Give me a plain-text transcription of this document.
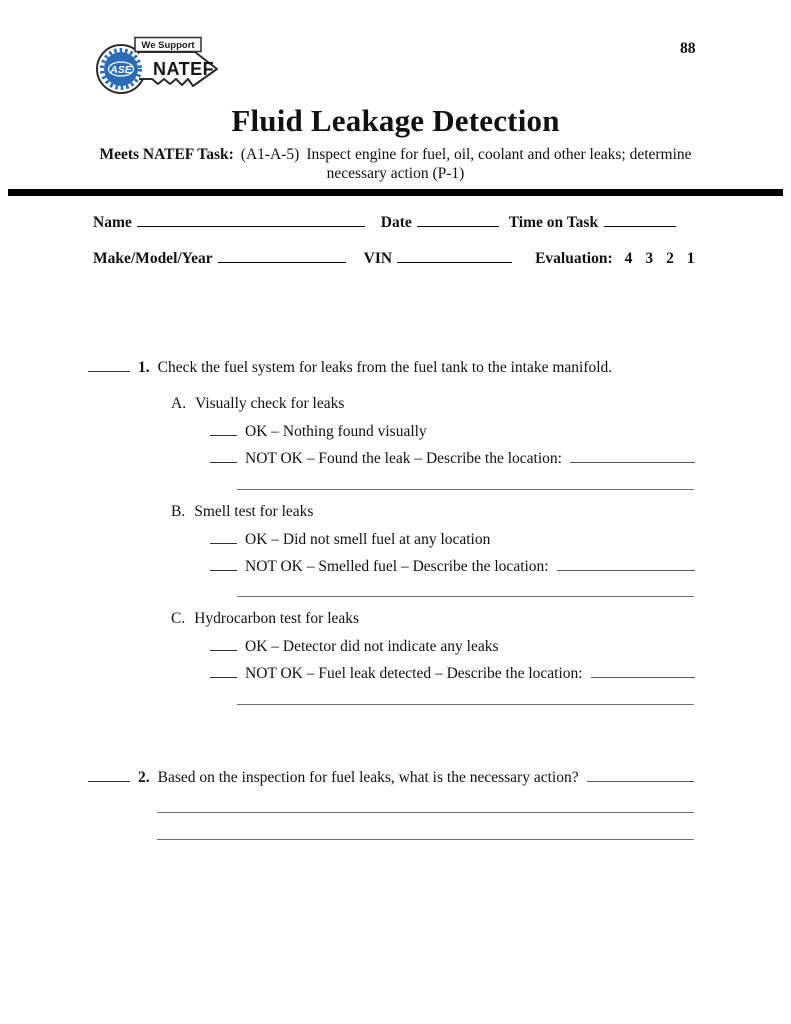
We Support
ASE NATEF
88
Fluid Leakage Detection
Meets NATEF Task: (A1-A-5) Inspect engine for fuel, oil, coolant and other leaks; determine
necessary action (P-1)
Name	Date	Time on Task
Make/Model/Year	VIN	Evaluation: 4 3 2 1
1. Check the fuel system for leaks from the fuel tank to the intake manifold.
A. Visually check for leaks
OK – Nothing found visually
NOT OK – Found the leak – Describe the location:
B. Smell test for leaks
OK – Did not smell fuel at any location
NOT OK – Smelled fuel – Describe the location:
C. Hydrocarbon test for leaks
OK – Detector did not indicate any leaks
NOT OK – Fuel leak detected – Describe the location:
2. Based on the inspection for fuel leaks, what is the necessary action?
